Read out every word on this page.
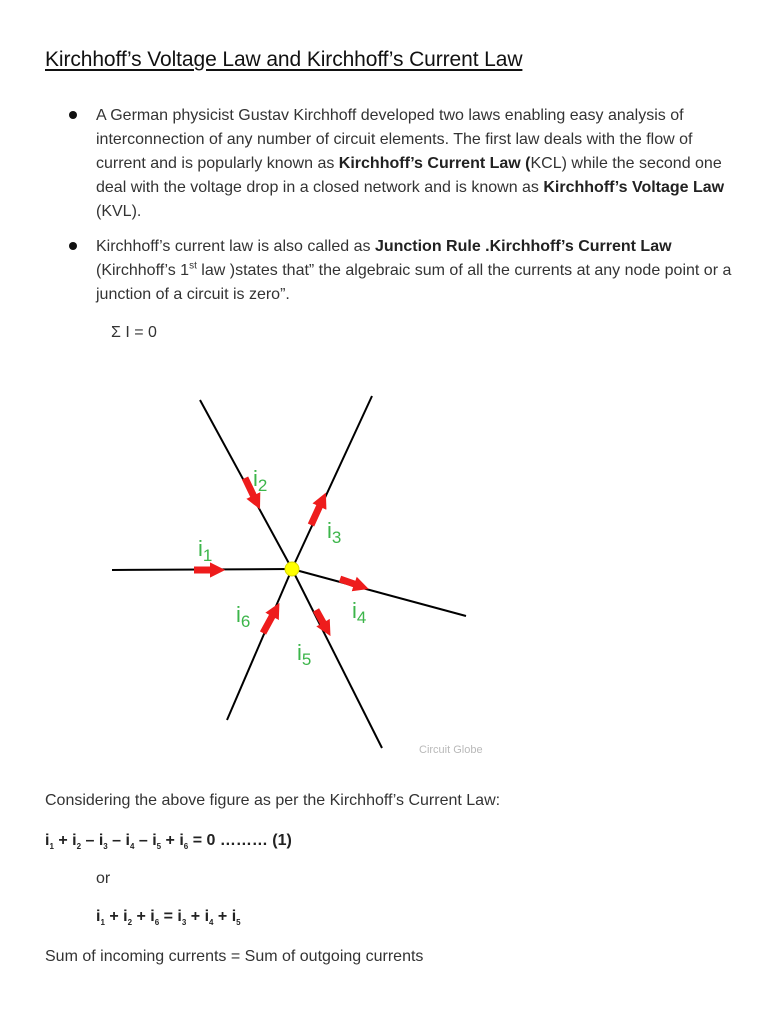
Kirchhoff’s Voltage Law and Kirchhoff’s Current Law
A German physicist Gustav Kirchhoff developed two laws enabling easy analysis of interconnection of any number of circuit elements. The first law deals with the flow of current and is popularly known as Kirchhoff’s Current Law (KCL) while the second one deal with the voltage drop in a closed network and is known as Kirchhoff’s Voltage Law (KVL).
Kirchhoff’s current law is also called as Junction Rule .Kirchhoff’s Current Law (Kirchhoff’s 1st law )states that” the algebraic sum of all the currents at any node point or a junction of a circuit is zero”.
Σ I = 0
$i_1$
$i_2$
$i_3$
$i_4$
$i_5$
$i_6$
Circuit Globe
Considering the above figure as per the Kirchhoff’s Current Law:
$i_1 + i_2 - i_3 - i_4 - i_5 + i_6 = 0$ ……… (1)
or
$i_1 + i_2 + i_6 = i_3 + i_4 + i_5$
Sum of incoming currents = Sum of outgoing currents
